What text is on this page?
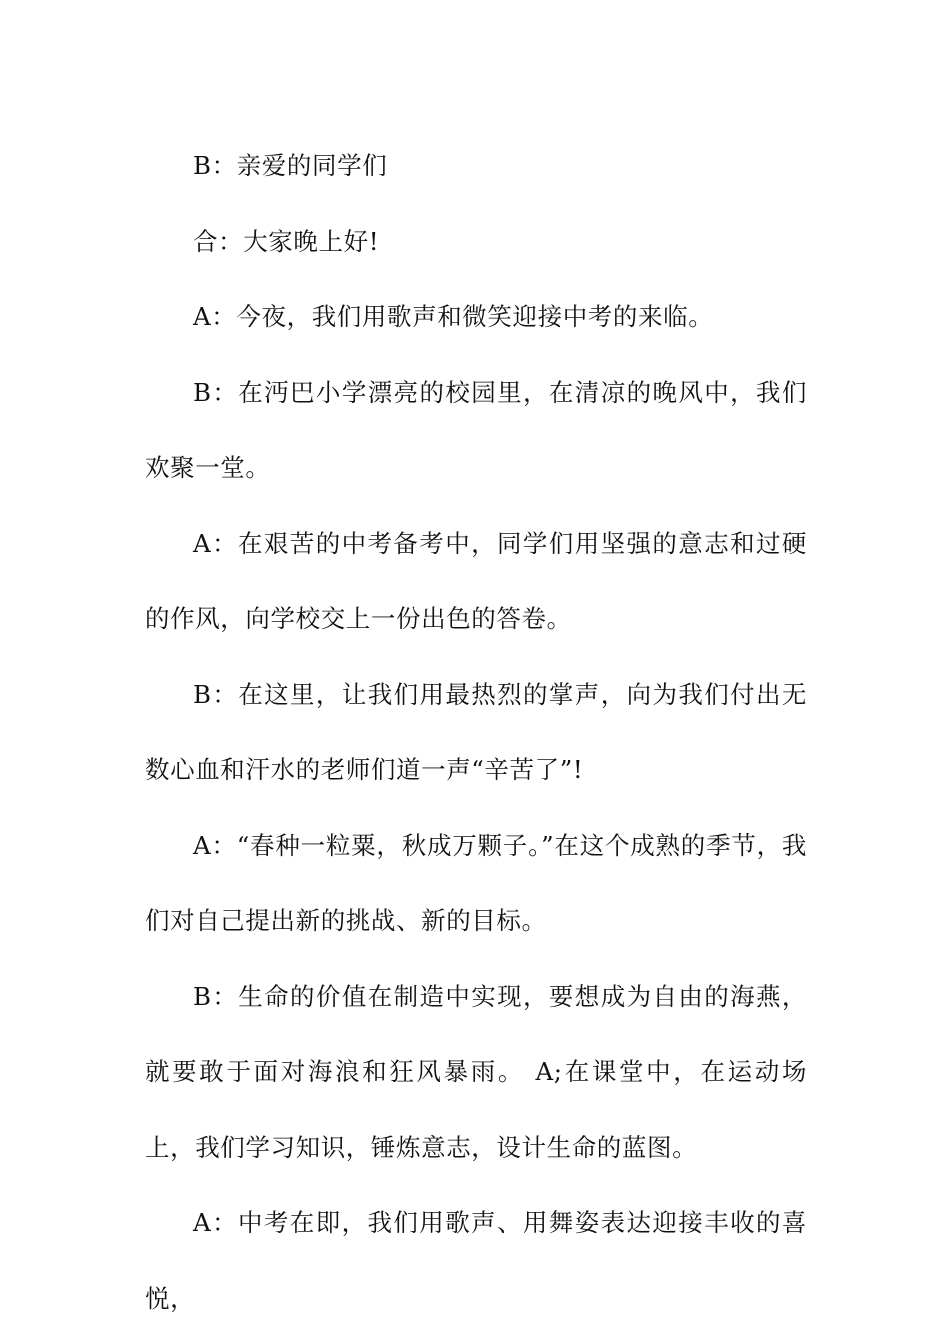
B：亲爱的同学们

合：大家晚上好!

A：今夜，我们用歌声和微笑迎接中考的来临。

B：在沔巴小学漂亮的校园里，在清凉的晚风中，我们欢聚一堂。

A：在艰苦的中考备考中，同学们用坚强的意志和过硬的作风，向学校交上一份出色的答卷。

B：在这里，让我们用最热烈的掌声，向为我们付出无数心血和汗水的老师们道一声“辛苦了”!

A：“春种一粒粟，秋成万颗子。”在这个成熟的季节，我们对自己提出新的挑战、新的目标。

B：生命的价值在制造中实现，要想成为自由的海燕，就要敢于面对海浪和狂风暴雨。 A;在课堂中，在运动场上，我们学习知识，锤炼意志，设计生命的蓝图。

A：中考在即，我们用歌声、用舞姿表达迎接丰收的喜悦，
